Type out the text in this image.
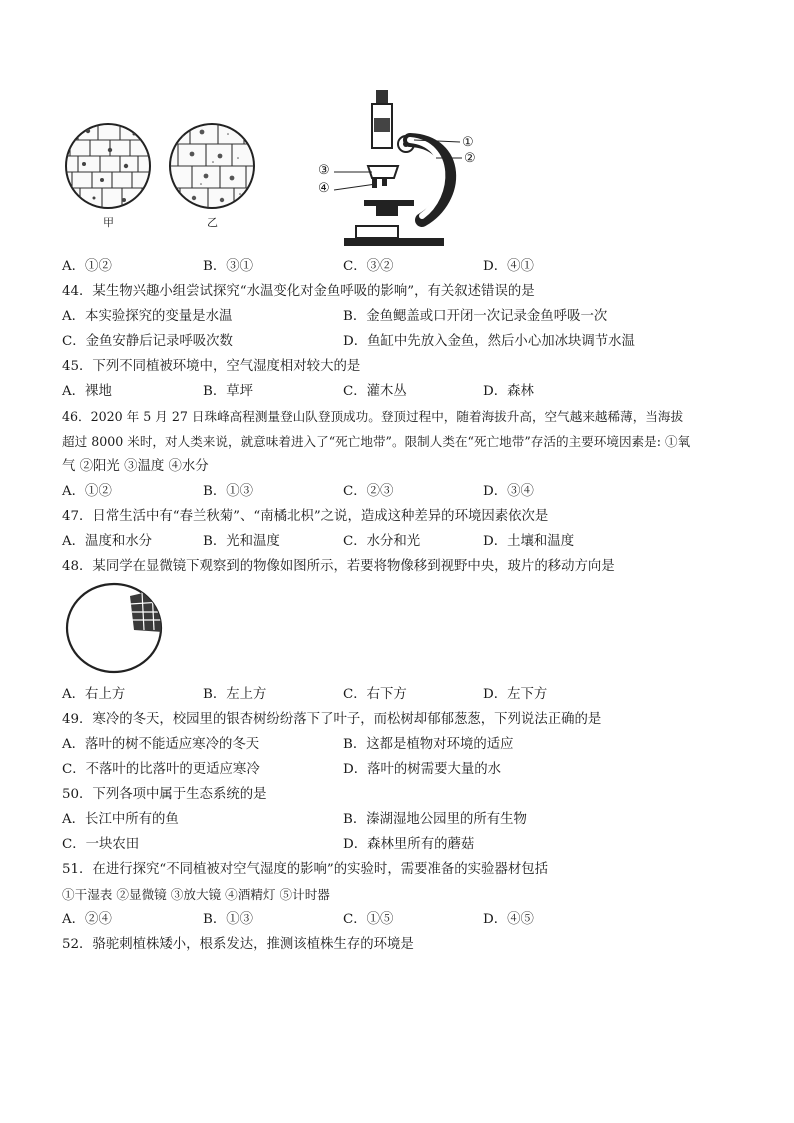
甲	乙
①
②
③
④
A．①②	B．③①	C．③②	D．④①
44．某生物兴趣小组尝试探究“水温变化对金鱼呼吸的影响”，有关叙述错误的是
A．本实验探究的变量是水温	B．金鱼鳃盖或口开闭一次记录金鱼呼吸一次
C．金鱼安静后记录呼吸次数	D．鱼缸中先放入金鱼，然后小心加冰块调节水温
45．下列不同植被环境中，空气湿度相对较大的是
A．裸地	B．草坪	C．灌木丛	D．森林
46．2020 年 5 月 27 日珠峰高程测量登山队登顶成功。登顶过程中，随着海拔升高，空气越来越稀薄，当海拔
超过 8000 米时，对人类来说，就意味着进入了“死亡地带”。限制人类在“死亡地带”存活的主要环境因素是: ①氧
气 ②阳光 ③温度 ④水分
A．①②	B．①③	C．②③	D．③④
47．日常生活中有“春兰秋菊”、“南橘北枳”之说，造成这种差异的环境因素依次是
A．温度和水分	B．光和温度	C．水分和光	D．土壤和温度
48．某同学在显微镜下观察到的物像如图所示，若要将物像移到视野中央，玻片的移动方向是
A．右上方	B．左上方	C．右下方	D．左下方
49．寒冷的冬天，校园里的银杏树纷纷落下了叶子，而松树却郁郁葱葱，下列说法正确的是
A．落叶的树不能适应寒冷的冬天	B．这都是植物对环境的适应
C．不落叶的比落叶的更适应寒冷	D．落叶的树需要大量的水
50．下列各项中属于生态系统的是
A．长江中所有的鱼	B．溱湖湿地公园里的所有生物
C．一块农田	D．森林里所有的蘑菇
51．在进行探究“不同植被对空气湿度的影响”的实验时，需要准备的实验器材包括
①干湿表 ②显微镜 ③放大镜 ④酒精灯 ⑤计时器
A．②④	B．①③	C．①⑤	D．④⑤
52．骆驼刺植株矮小，根系发达，推测该植株生存的环境是
